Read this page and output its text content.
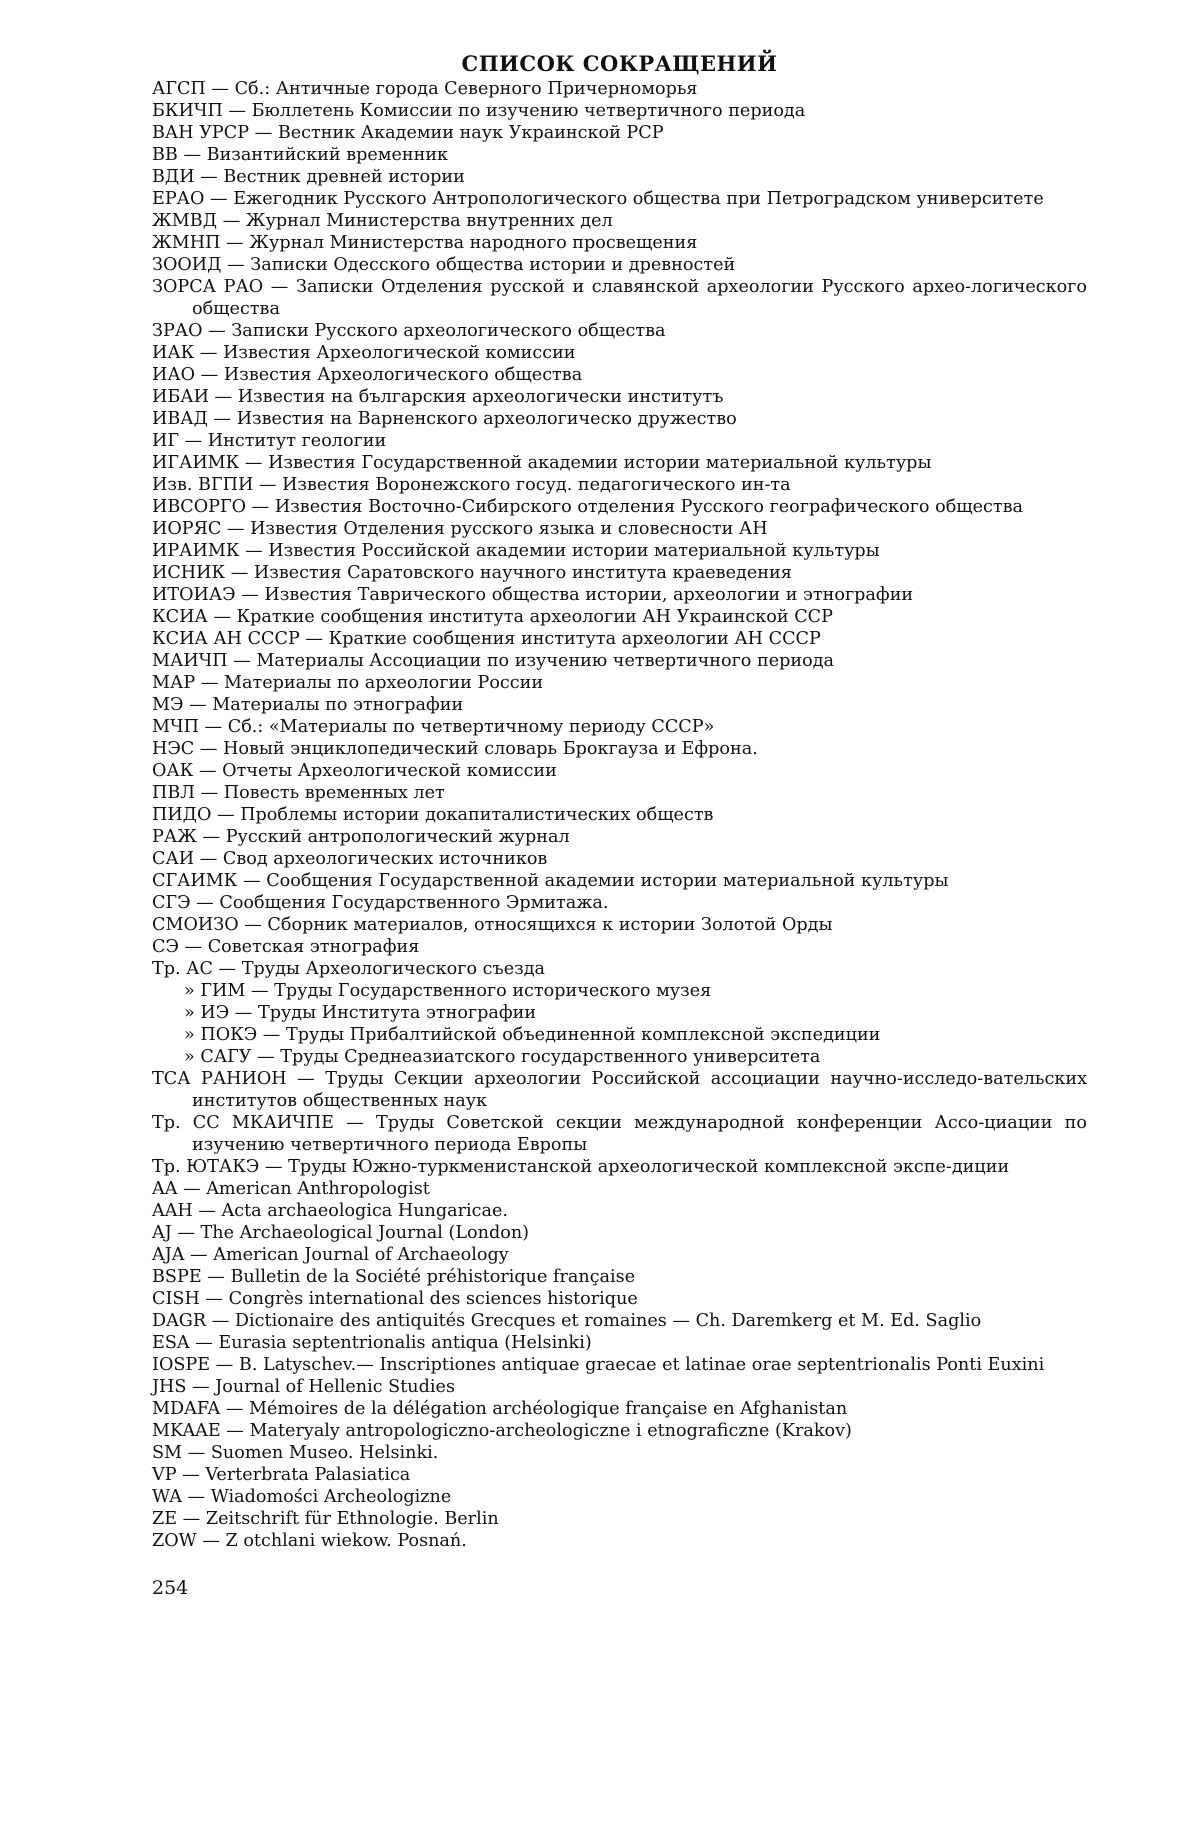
СПИСОК СОКРАЩЕНИЙ
АГСП — Сб.: Античные города Северного Причерноморья
БКИЧП — Бюллетень Комиссии по изучению четвертичного периода
ВАН УРСР — Вестник Академии наук Украинской РСР
ВВ — Византийский временник
ВДИ — Вестник древней истории
ЕРАО — Ежегодник Русского Антропологического общества при Петроградском университете
ЖМВД — Журнал Министерства внутренних дел
ЖМНП — Журнал Министерства народного просвещения
ЗООИД — Записки Одесского общества истории и древностей
ЗОРСА РАО — Записки Отделения русской и славянской археологии Русского архео-логического общества
ЗРАО — Записки Русского археологического общества
ИАК — Известия Археологической комиссии
ИАО — Известия Археологического общества
ИБАИ — Известия на българския археологически институтъ
ИВАД — Известия на Варненского археологическо дружество
ИГ — Институт геологии
ИГАИМК — Известия Государственной академии истории материальной культуры
Изв. ВГПИ — Известия Воронежского госуд. педагогического ин-та
ИВСОРГО — Известия Восточно-Сибирского отделения Русского географического общества
ИОРЯС — Известия Отделения русского языка и словесности АН
ИРАИМК — Известия Российской академии истории материальной культуры
ИСНИК — Известия Саратовского научного института краеведения
ИТОИАЭ — Известия Таврического общества истории, археологии и этнографии
КСИА — Краткие сообщения института археологии АН Украинской ССР
КСИА АН СССР — Краткие сообщения института археологии АН СССР
МАИЧП — Материалы Ассоциации по изучению четвертичного периода
МАР — Материалы по археологии России
МЭ — Материалы по этнографии
МЧП — Сб.: «Материалы по четвертичному периоду СССР»
НЭС — Новый энциклопедический словарь Брокгауза и Ефрона.
ОАК — Отчеты Археологической комиссии
ПВЛ — Повесть временных лет
ПИДО — Проблемы истории докапиталистических обществ
РАЖ — Русский антропологический журнал
САИ — Свод археологических источников
СГАИМК — Сообщения Государственной академии истории материальной культуры
СГЭ — Сообщения Государственного Эрмитажа.
СМОИЗО — Сборник материалов, относящихся к истории Золотой Орды
СЭ — Советская этнография
Тр. АС — Труды Археологического съезда
» ГИМ — Труды Государственного исторического музея
» ИЭ — Труды Института этнографии
» ПОКЭ — Труды Прибалтийской объединенной комплексной экспедиции
» САГУ — Труды Среднеазиатского государственного университета
ТСА РАНИОН — Труды Секции археологии Российской ассоциации научно-исследо-вательских институтов общественных наук
Тр. СС МКАИЧПЕ — Труды Советской секции международной конференции Ассо-циации по изучению четвертичного периода Европы
Тр. ЮТАКЭ — Труды Южно-туркменистанской археологической комплексной экспе-диции
AA — American Anthropologist
AAH — Acta archaeologica Hungaricae.
AJ — The Archaeological Journal (London)
AJA — American Journal of Archaeology
BSPE — Bulletin de la Société préhistorique française
CISH — Congrès international des sciences historique
DAGR — Dictionaire des antiquités Grecques et romaines — Ch. Daremkerg et M. Ed. Saglio
ESA — Eurasia septentrionalis antiqua (Helsinki)
IOSPE — B. Latyschev.— Inscriptiones antiquae graecae et latinae orae septentrionalis Ponti Euxini
JHS — Journal of Hellenic Studies
MDAFA — Mémoires de la délégation archéologique française en Afghanistan
MKAAE — Materyaly antropologiczno-archeologiczne i etnograficzne (Krakov)
SM — Suomen Museo. Helsinki.
VP — Verterbrata Palasiatica
WA — Wiadomości Archeologizne
ZE — Zeitschrift für Ethnologie. Berlin
ZOW — Z otchlani wiekow. Posnań.
254
